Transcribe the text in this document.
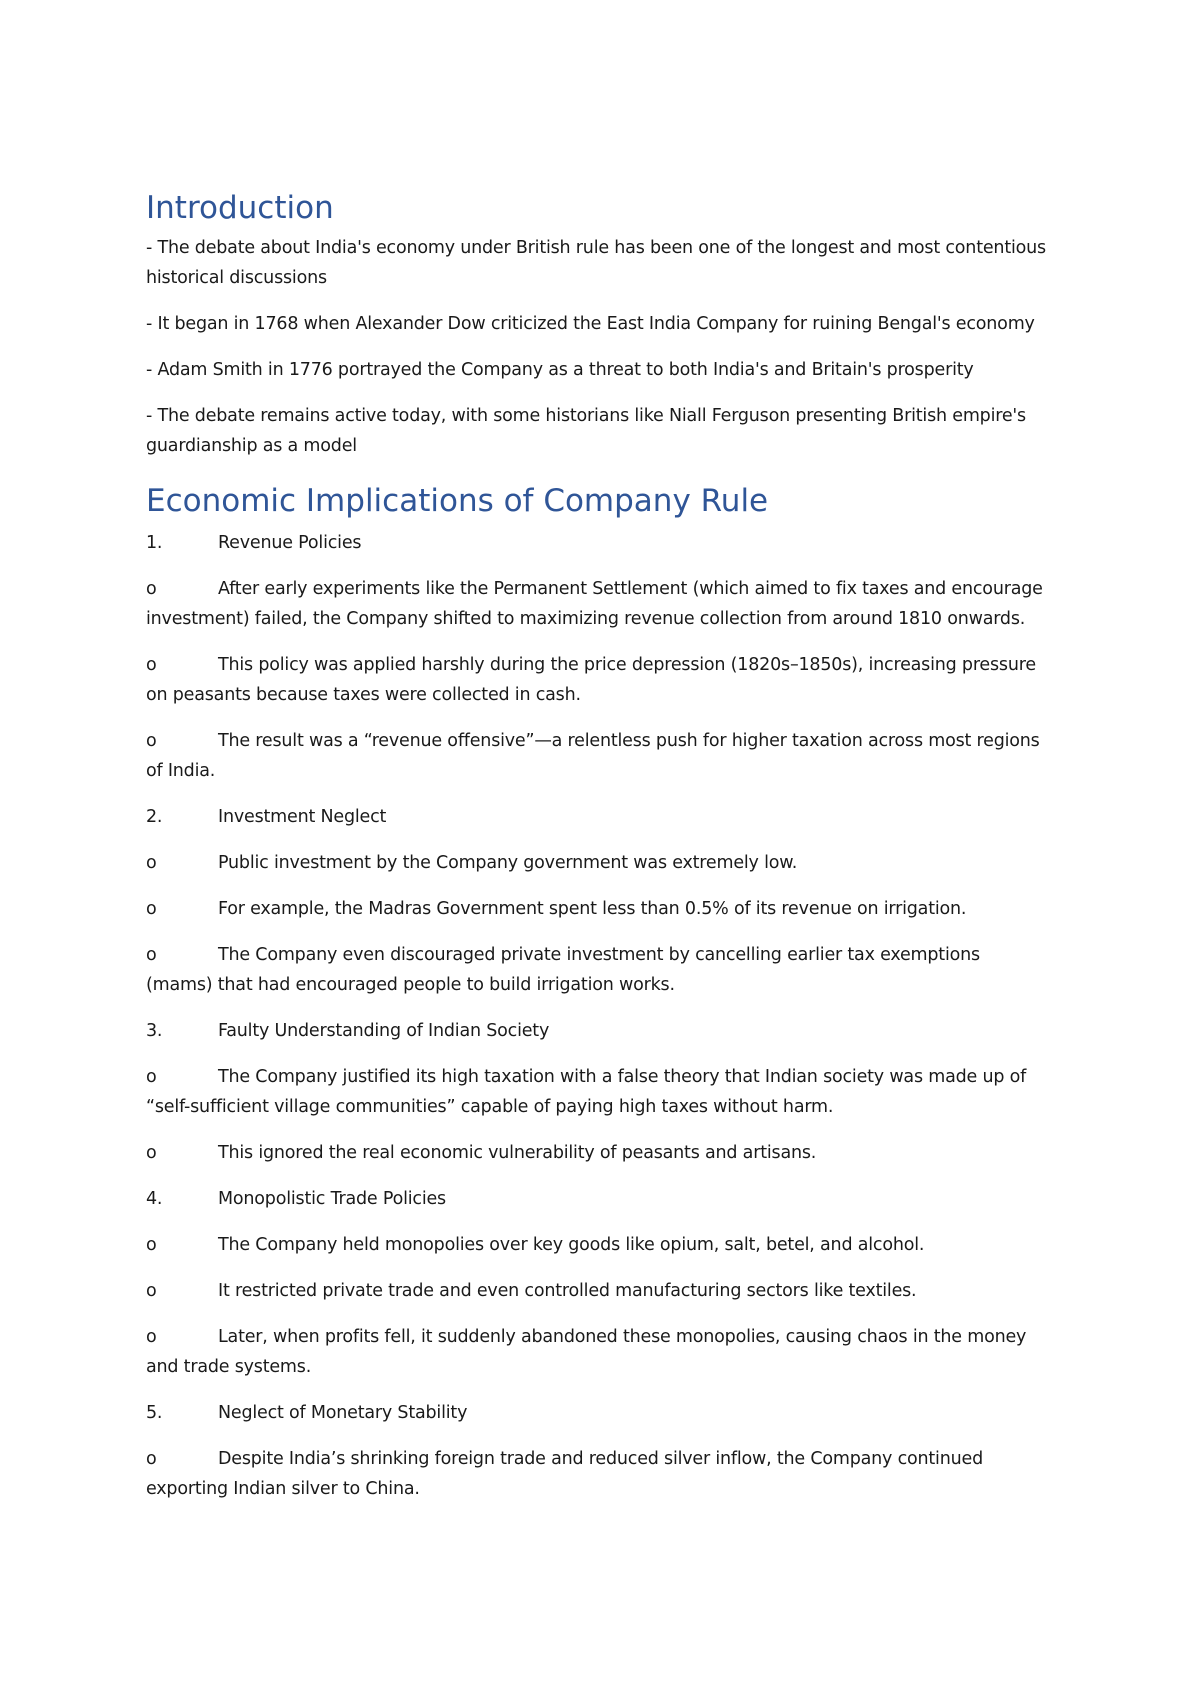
Introduction

- The debate about India's economy under British rule has been one of the longest and most contentious historical discussions

- It began in 1768 when Alexander Dow criticized the East India Company for ruining Bengal's economy

- Adam Smith in 1776 portrayed the Company as a threat to both India's and Britain's prosperity

- The debate remains active today, with some historians like Niall Ferguson presenting British empire's guardianship as a model

Economic Implications of Company Rule
1.	Revenue Policies
o	After early experiments like the Permanent Settlement (which aimed to fix taxes and encourage investment) failed, the Company shifted to maximizing revenue collection from around 1810 onwards.
o	This policy was applied harshly during the price depression (1820s–1850s), increasing pressure on peasants because taxes were collected in cash.
o	The result was a “revenue offensive”—a relentless push for higher taxation across most regions of India.
2.	Investment Neglect
o	Public investment by the Company government was extremely low.
o	For example, the Madras Government spent less than 0.5% of its revenue on irrigation.
o	The Company even discouraged private investment by cancelling earlier tax exemptions (mams) that had encouraged people to build irrigation works.
3.	Faulty Understanding of Indian Society
o	The Company justified its high taxation with a false theory that Indian society was made up of “self-sufficient village communities” capable of paying high taxes without harm.
o	This ignored the real economic vulnerability of peasants and artisans.
4.	Monopolistic Trade Policies
o	The Company held monopolies over key goods like opium, salt, betel, and alcohol.
o	It restricted private trade and even controlled manufacturing sectors like textiles.
o	Later, when profits fell, it suddenly abandoned these monopolies, causing chaos in the money and trade systems.
5.	Neglect of Monetary Stability
o	Despite India’s shrinking foreign trade and reduced silver inflow, the Company continued exporting Indian silver to China.
